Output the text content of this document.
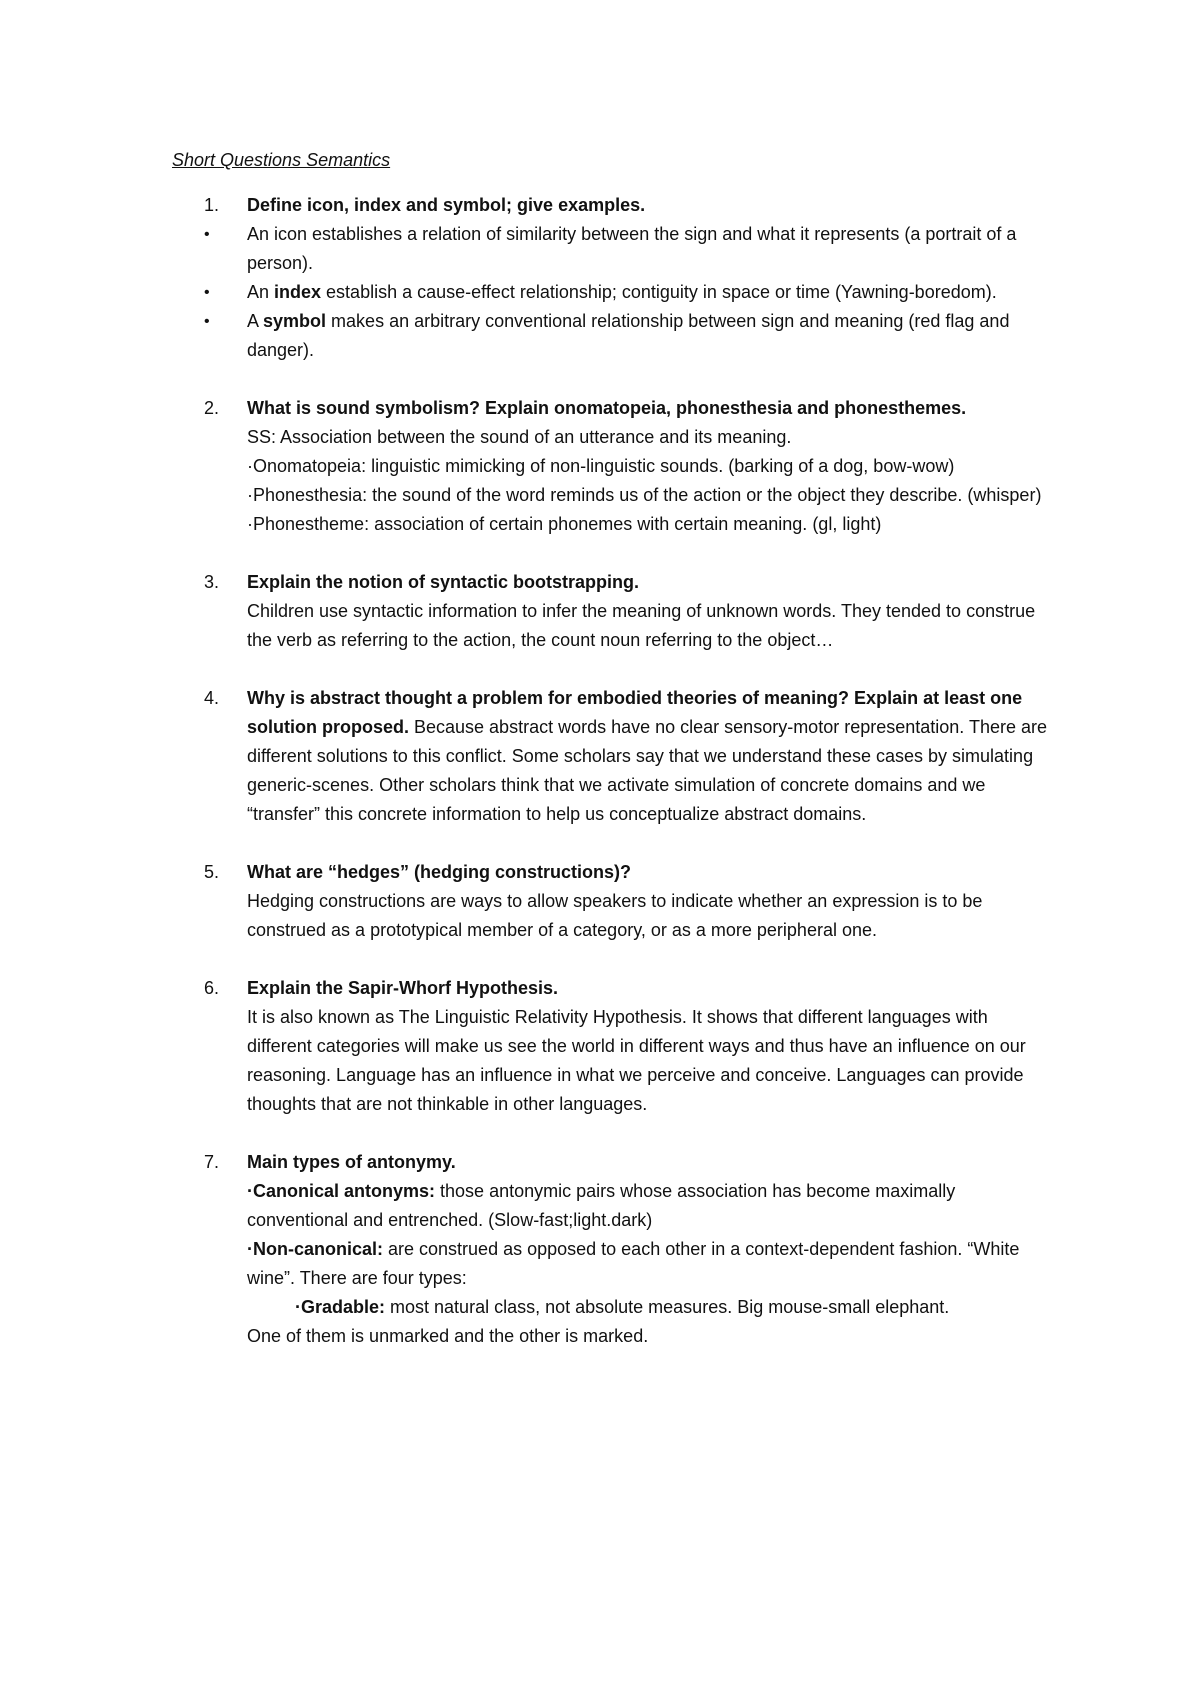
Short Questions Semantics
1. Define icon, index and symbol; give examples.
• An icon establishes a relation of similarity between the sign and what it represents (a portrait of a person).
• An index establish a cause-effect relationship; contiguity in space or time (Yawning-boredom).
• A symbol makes an arbitrary conventional relationship between sign and meaning (red flag and danger).
2. What is sound symbolism? Explain onomatopeia, phonesthesia and phonesthemes.

SS: Association between the sound of an utterance and its meaning.

·Onomatopeia: linguistic mimicking of non-linguistic sounds. (barking of a dog, bow-wow)

·Phonesthesia: the sound of the word reminds us of the action or the object they describe. (whisper)

·Phonestheme: association of certain phonemes with certain meaning. (gl, light)

3. Explain the notion of syntactic bootstrapping.

Children use syntactic information to infer the meaning of unknown words. They tended to construe the verb as referring to the action, the count noun referring to the object…

4. Why is abstract thought a problem for embodied theories of meaning? Explain at least one solution proposed. Because abstract words have no clear sensory-motor representation. There are different solutions to this conflict. Some scholars say that we understand these cases by simulating generic-scenes. Other scholars think that we activate simulation of concrete domains and we “transfer” this concrete information to help us conceptualize abstract domains.

5. What are “hedges” (hedging constructions)?

Hedging constructions are ways to allow speakers to indicate whether an expression is to be construed as a prototypical member of a category, or as a more peripheral one.

6. Explain the Sapir-Whorf Hypothesis.

It is also known as The Linguistic Relativity Hypothesis. It shows that different languages with different categories will make us see the world in different ways and thus have an influence on our reasoning. Language has an influence in what we perceive and conceive. Languages can provide thoughts that are not thinkable in other languages.

7. Main types of antonymy.

·Canonical antonyms: those antonymic pairs whose association has become maximally conventional and entrenched. (Slow-fast;light.dark)

·Non-canonical: are construed as opposed to each other in a context-dependent fashion. “White wine”. There are four types:

·Gradable: most natural class, not absolute measures. Big mouse-small elephant.

One of them is unmarked and the other is marked.
